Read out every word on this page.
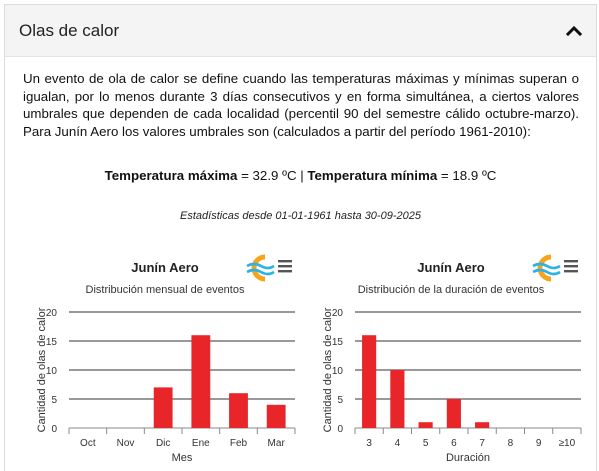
Olas de calor
Un evento de ola de calor se define cuando las temperaturas máximas y mínimas superan o igualan, por lo menos durante 3 días consecutivos y en forma simultánea, a ciertos valores umbrales que dependen de cada localidad (percentil 90 del semestre cálido octubre-marzo). Para Junín Aero los valores umbrales son (calculados a partir del período 1961-2010):
Temperatura máxima = 32.9 ºC | Temperatura mínima = 18.9 ºC
Estadísticas desde 01-01-1961 hasta 30-09-2025
Junín Aero
Distribución mensual de eventos
0
5
10
15
20
Cantidad de olas de calor
Oct Nov Dic Ene Feb Mar
Mes
Junín Aero
Distribución de la duración de eventos
0
5
10
15
20
Cantidad de olas de calor
3 4 5 6 7 8 9 ≥10
Duración
